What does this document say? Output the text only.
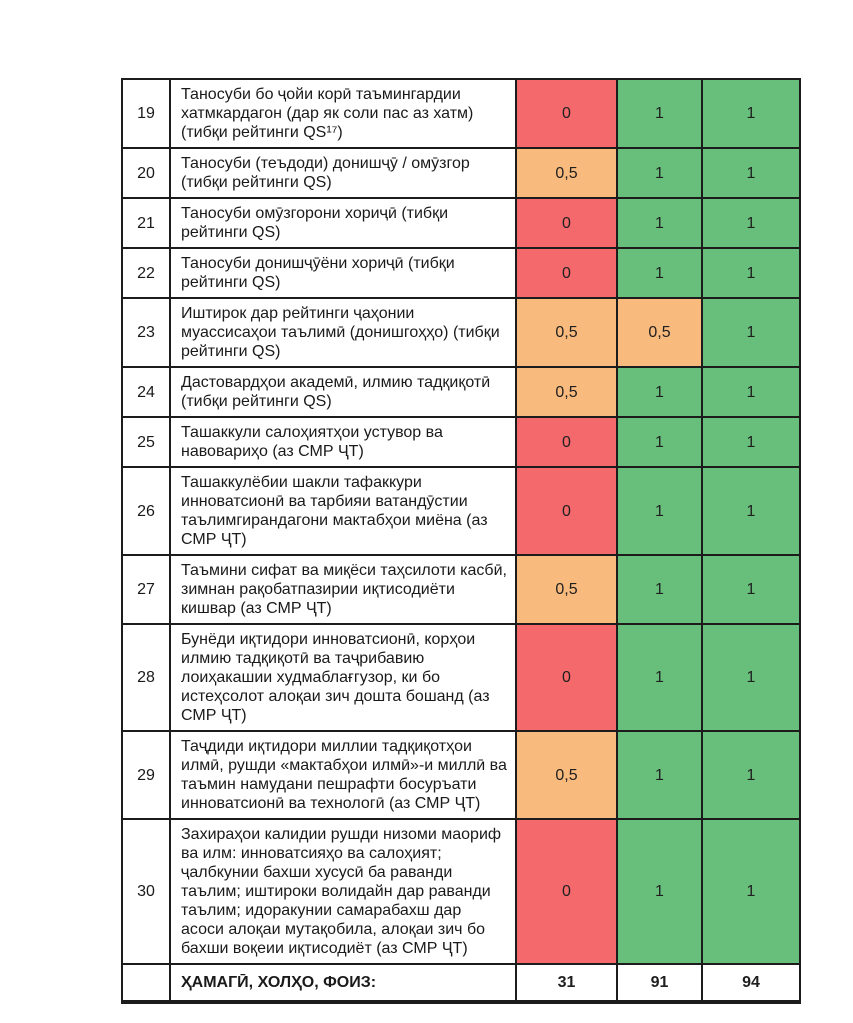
19	Таносуби бо ҷойи корӣ таъмингардии хатмкардагон (дар як соли пас аз хатм) (тибқи рейтинги QS¹⁷)	0	1	1
20	Таносуби (теъдоди) донишҷӯ / омӯзгор (тибқи рейтинги QS)	0,5	1	1
21	Таносуби омӯзгорони хориҷӣ (тибқи рейтинги QS)	0	1	1
22	Таносуби донишҷӯёни хориҷӣ (тибқи рейтинги QS)	0	1	1
23	Иштирок дар рейтинги ҷаҳонии муассисаҳои таълимӣ (донишгоҳҳо) (тибқи рейтинги QS)	0,5	0,5	1
24	Дастовардҳои академӣ, илмию тадқиқотӣ (тибқи рейтинги QS)	0,5	1	1
25	Ташаккули салоҳиятҳои устувор ва навовариҳо (аз СМР ҶТ)	0	1	1
26	Ташаккулёбии шакли тафаккури инноватсионӣ ва тарбияи ватандӯстии таълимгирандагони мактабҳои миёна (аз СМР ҶТ)	0	1	1
27	Таъмини сифат ва миқёси таҳсилоти касбӣ, зимнан рақобатпазирии иқтисодиёти кишвар (аз СМР ҶТ)	0,5	1	1
28	Бунёди иқтидори инноватсионӣ, корҳои илмию тадқиқотӣ ва таҷрибавию лоиҳакашии худмаблағгузор, ки бо истеҳсолот алоқаи зич дошта бошанд (аз СМР ҶТ)	0	1	1
29	Таҷдиди иқтидори миллии тадқиқотҳои илмӣ, рушди «мактабҳои илмӣ»-и миллӣ ва таъмин намудани пешрафти босуръати инноватсионӣ ва технологӣ (аз СМР ҶТ)	0,5	1	1
30	Захираҳои калидии рушди низоми маориф ва илм: инноватсияҳо ва салоҳият; ҷалбкунии бахши хусусӣ ба раванди таълим; иштироки волидайн дар раванди таълим; идоракунии самарабахш дар асоси алоқаи мутақобила, алоқаи зич бо бахши воқеии иқтисодиёт (аз СМР ҶТ)	0	1	1
	ҲАМАГӢ, ХОЛҲО, ФОИЗ:	31	91	94
